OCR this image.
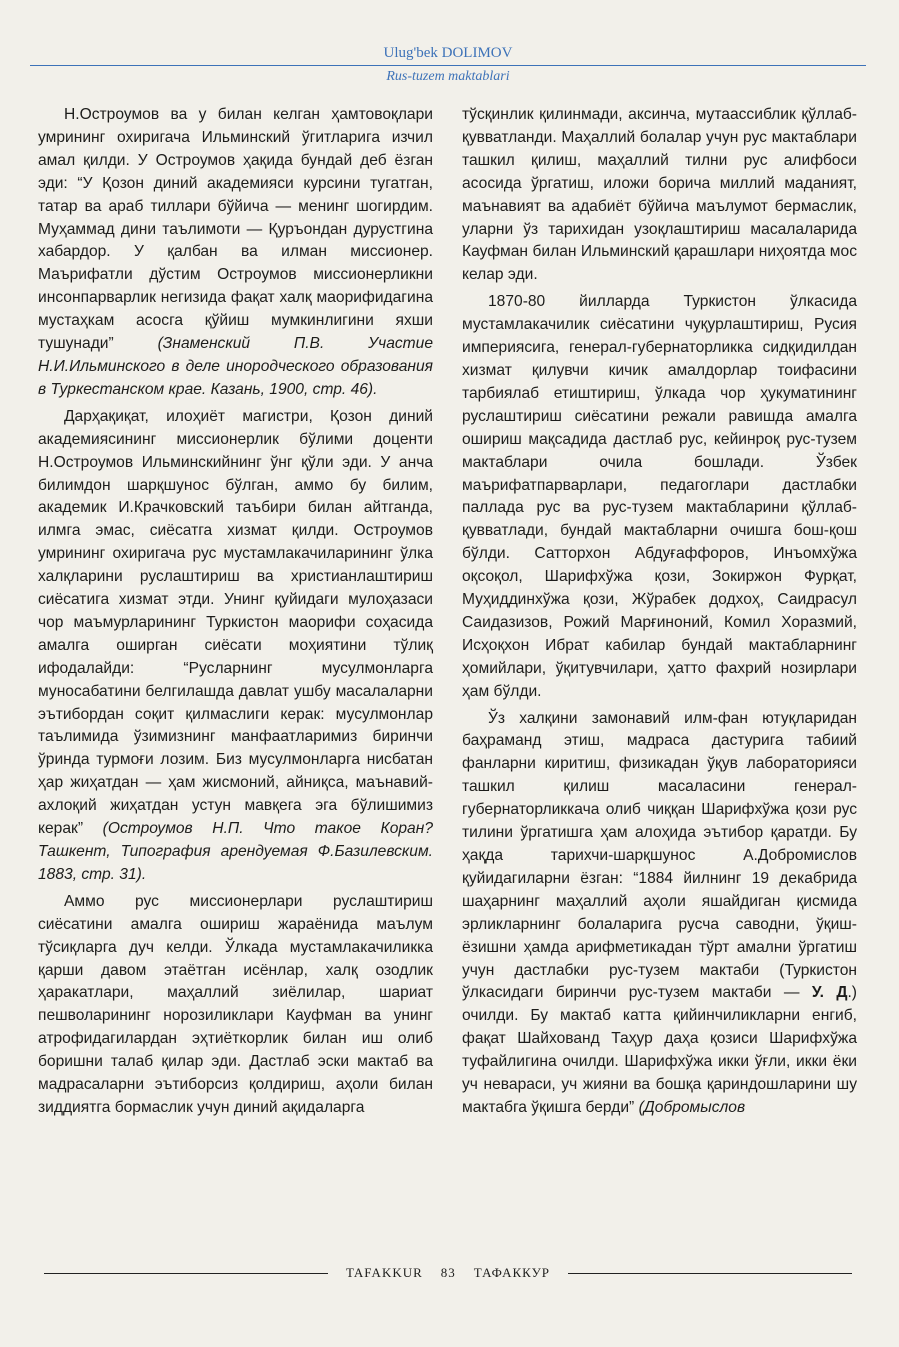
Ulug'bek DOLIMOV
Rus-tuzem maktablari

Н.Остроумов ва у билан келган ҳамтовоқлари умрининг охиригача Ильминский ўгитларига изчил амал қилди. У Остроумов ҳақида бундай деб ёзган эди: “У Қозон диний академияси курсини тугатган, татар ва араб тиллари бўйича — менинг шогирдим. Муҳаммад дини таълимоти — Қуръондан дурустгина хабардор. У қалбан ва илман миссионер. Маърифатли дўстим Остроумов миссионерликни инсонпарварлик негизида фақат халқ маорифидагина мустаҳкам асосга қўйиш мумкинлигини яхши тушунади”	(Знаменский П.В. Участие Н.И.Ильминского в деле инородческого образования в Туркестанском крае. Казань, 1900, стр. 46).

Дарҳақиқат, илоҳиёт магистри, Қозон диний академиясининг миссионерлик бўлими доценти Н.Остроумов Ильминскийнинг ўнг қўли эди. У анча билимдон шарқшунос бўлган, аммо бу билим, академик И.Крачковский таъбири билан айтганда, илмга эмас, сиёсатга хизмат қилди. Остроумов умрининг охиригача рус мустамлакачиларининг ўлка халқларини руслаштириш ва христианлаштириш сиёсатига хизмат этди. Унинг қуйидаги мулоҳазаси чор маъмурларининг Туркистон маорифи соҳасида амалга оширган сиёсати моҳиятини тўлиқ ифодалайди: “Русларнинг мусулмонларга муносабатини белгилашда давлат ушбу масалаларни эътибордан соқит қилмаслиги керак: мусулмонлар таълимида ўзимизнинг манфаатларимиз биринчи ўринда турмоғи лозим. Биз мусулмонларга нисбатан ҳар жиҳатдан — ҳам жисмоний, айниқса, маънавий-ахлоқий жиҳатдан устун мавқега эга бўлишимиз керак” (Остроумов Н.П. Что такое Коран? Ташкент, Типография арендуемая Ф.Базилевским. 1883, стр. 31).

Аммо рус миссионерлари руслаштириш сиёсатини амалга ошириш жараёнида маълум тўсиқларга дуч келди. Ўлкада мустамлакачиликка қарши давом этаётган исёнлар, халқ озодлик ҳаракатлари, маҳаллий зиёлилар, шариат пешволарининг норозиликлари Кауфман ва унинг атрофидагилардан эҳтиёткорлик билан иш олиб боришни талаб қилар эди. Дастлаб эски мактаб ва мадрасаларни эътиборсиз қолдириш, аҳоли билан зиддиятга бормаслик учун диний ақидаларга

тўсқинлик қилинмади, аксинча, мутаассиблик қўллаб-қувватланди. Маҳаллий болалар учун рус мактаблари ташкил қилиш, маҳаллий тилни рус алифбоси асосида ўргатиш, иложи борича миллий маданият, маънавият ва адабиёт бўйича маълумот бермаслик, уларни ўз тарихидан узоқлаштириш масалаларида Кауфман билан Ильминский қарашлари ниҳоятда мос келар эди.

1870-80 йилларда Туркистон ўлкасида мустамлакачилик сиёсатини чуқурлаштириш, Русия империясига, генерал-губернаторликка сидқидилдан хизмат қилувчи кичик амалдорлар тоифасини тарбиялаб етиштириш, ўлкада чор ҳукуматининг руслаштириш сиёсатини режали равишда амалга ошириш мақсадида дастлаб рус, кейинроқ рус-тузем мактаблари очила бошлади. Ўзбек маърифатпарварлари, педагоглари дастлабки паллада рус ва рус-тузем мактабларини қўллаб-қувватлади, бундай мактабларни очишга бош-қош бўлди. Сатторхон Абдуғаффоров, Инъомхўжа оқсоқол, Шарифхўжа қози, Зокиржон Фурқат, Муҳиддинхўжа қози, Жўрабек додхоҳ, Саидрасул Саидазизов, Рожий Марғиноний, Комил Хоразмий, Исҳоқхон Ибрат кабилар бундай мактабларнинг ҳомийлари, ўқитувчилари, ҳатто фахрий нозирлари ҳам бўлди.

Ўз халқини замонавий илм-фан ютуқларидан баҳраманд этиш, мадраса дастурига табиий фанларни киритиш, физикадан ўқув лабораторияси ташкил қилиш масаласини генерал-губернаторликкача олиб чиққан Шарифхўжа қози рус тилини ўргатишга ҳам алоҳида эътибор қаратди. Бу ҳақда тарихчи-шарқшунос А.Добромислов қуйидагиларни ёзган: “1884 йилнинг 19 декабрида шаҳарнинг маҳаллий аҳоли яшайдиган қисмида эрликларнинг болаларига русча саводни, ўқиш-ёзишни ҳамда арифметикадан тўрт амални ўргатиш учун дастлабки рус-тузем мактаби (Туркистон ўлкасидаги биринчи рус-тузем мактаби — У. Д.) очилди. Бу мактаб катта қийинчиликларни енгиб, фақат Шайхованд Таҳур даҳа қозиси Шарифхўжа туфайлигина очилди. Шарифхўжа икки ўғли, икки ёки уч невараси, уч жияни ва бошқа қариндошларини шу мактабга ўқишга берди” (Добромыслов

TAFAKKUR	83	ТАФАККУР
